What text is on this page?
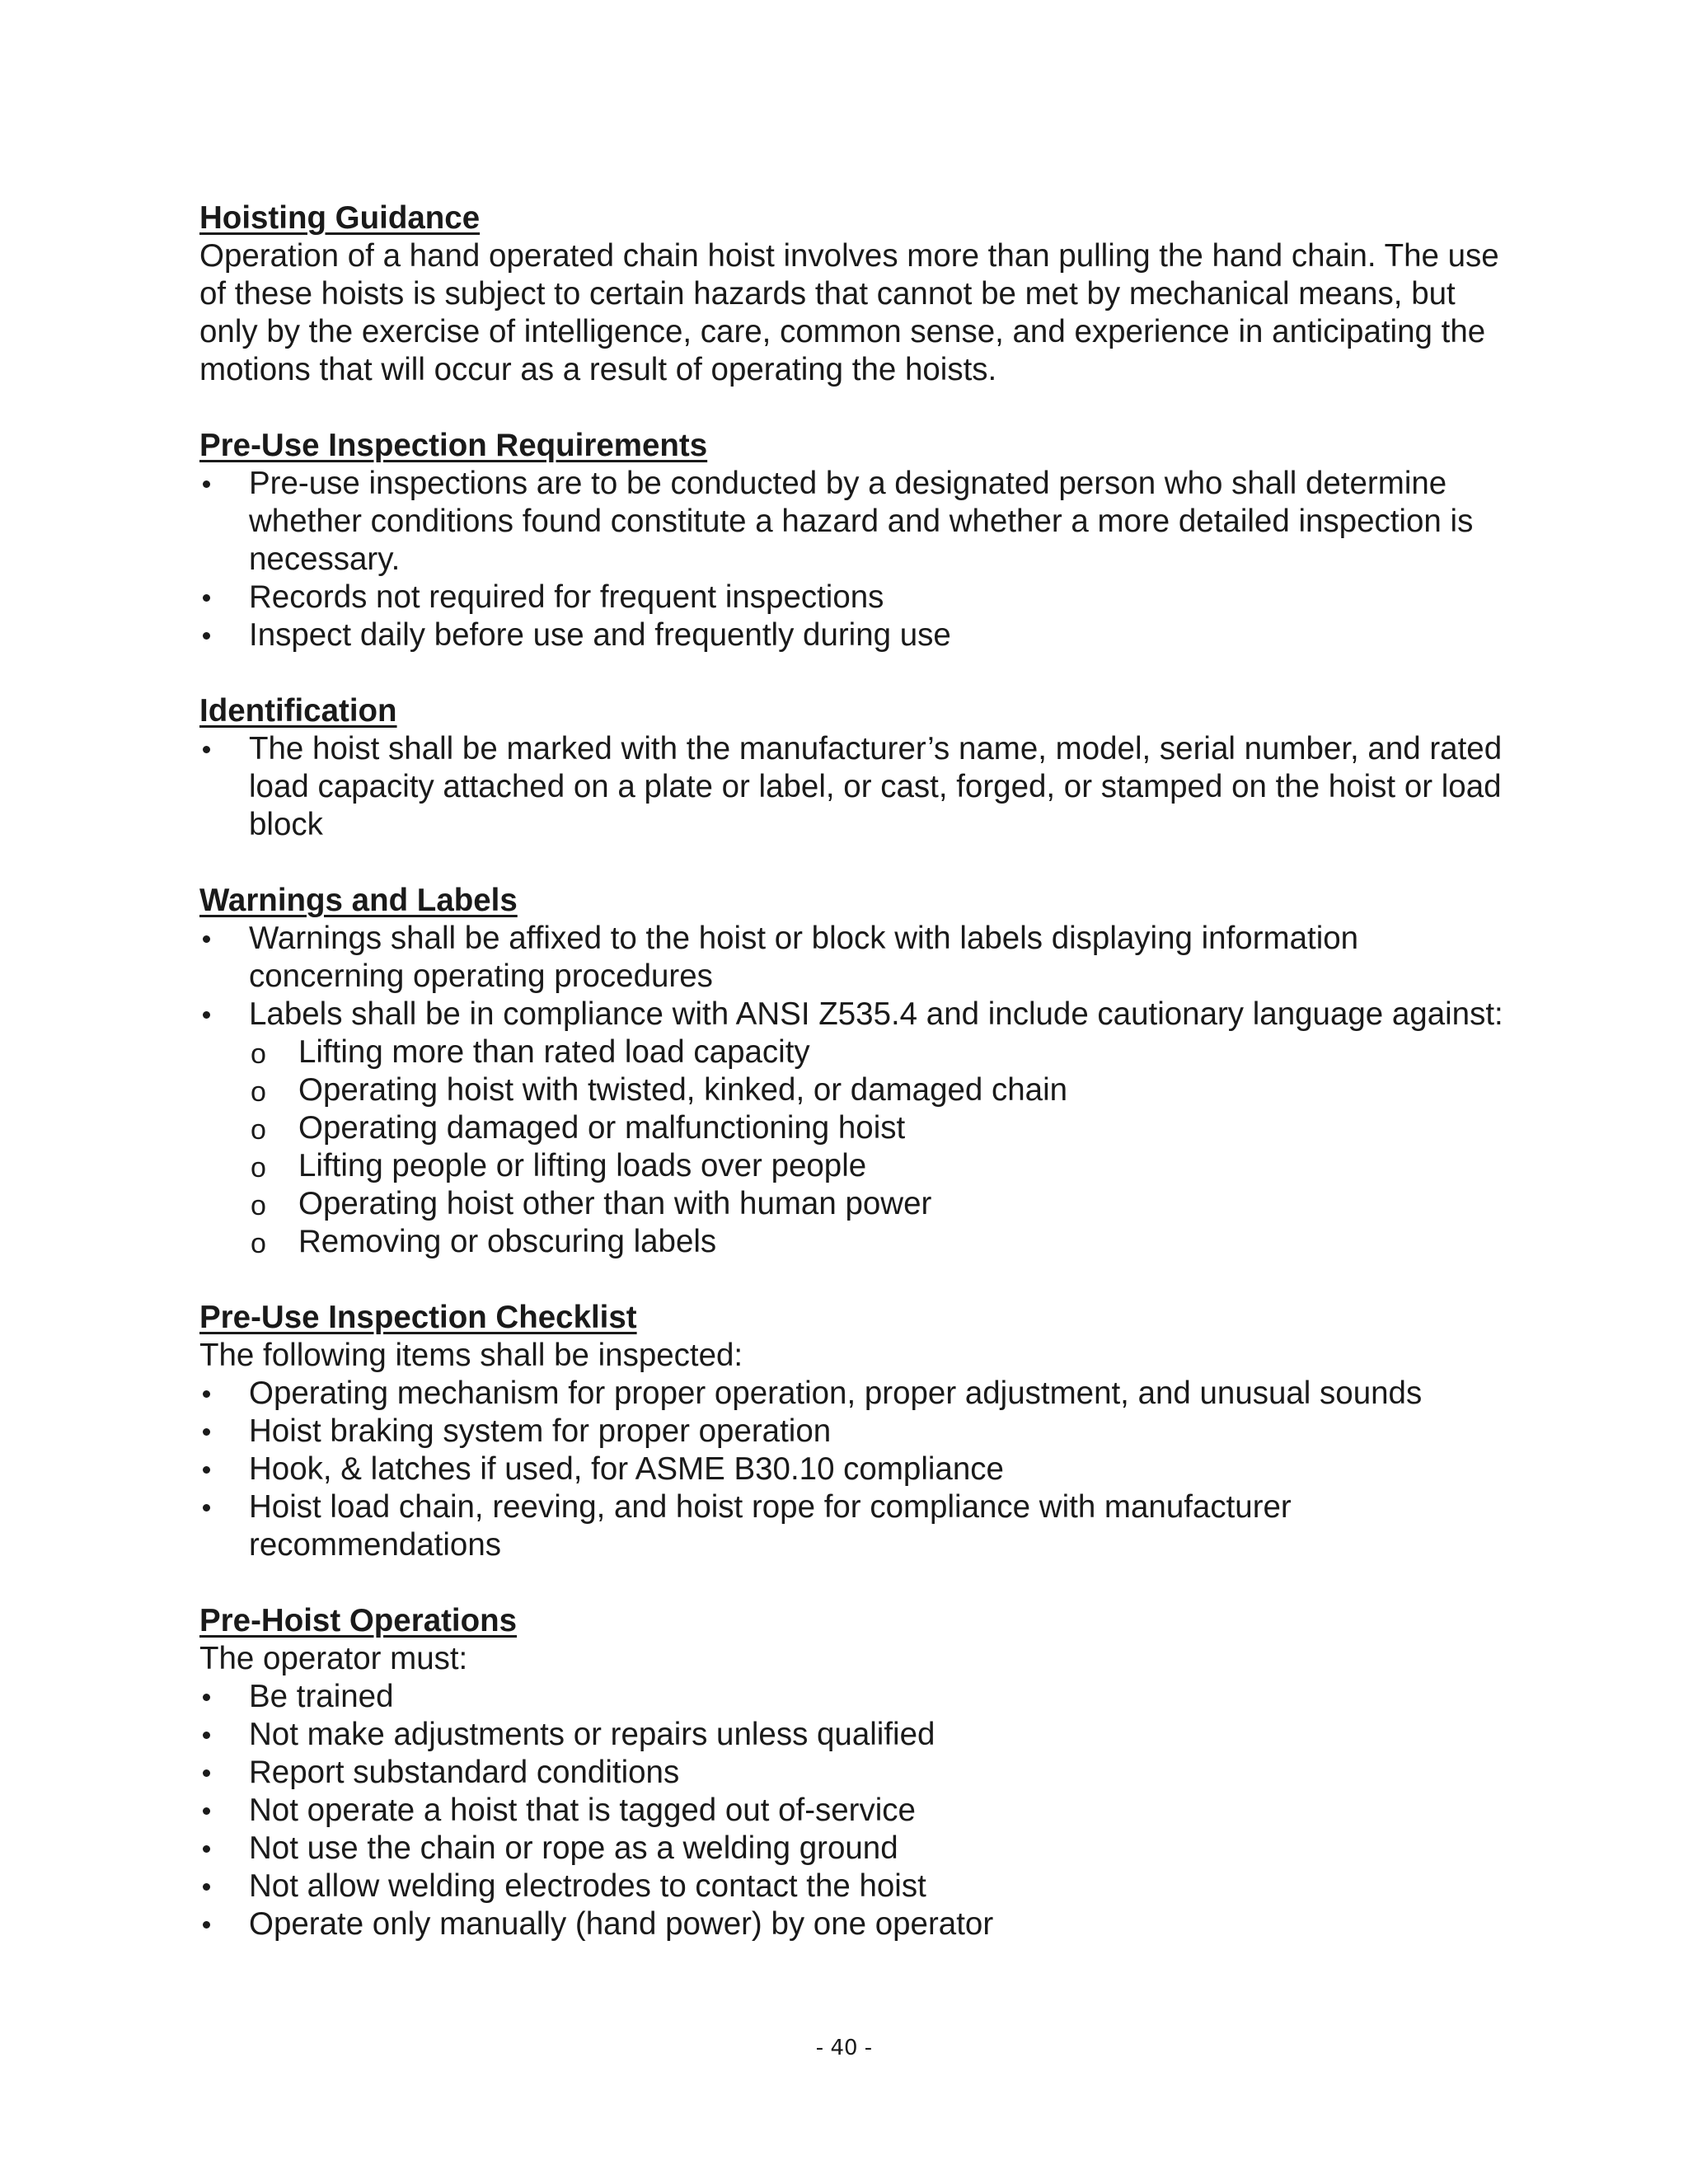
Hoisting Guidance

Operation of a hand operated chain hoist involves more than pulling the hand chain. The use of these hoists is subject to certain hazards that cannot be met by mechanical means, but only by the exercise of intelligence, care, common sense, and experience in anticipating the motions that will occur as a result of operating the hoists.

Pre-Use Inspection Requirements

Pre-use inspections are to be conducted by a designated person who shall determine whether conditions found constitute a hazard and whether a more detailed inspection is necessary.
Records not required for frequent inspections
Inspect daily before use and frequently during use

Identification

The hoist shall be marked with the manufacturer’s name, model, serial number, and rated load capacity attached on a plate or label, or cast, forged, or stamped on the hoist or load block

Warnings and Labels

Warnings shall be affixed to the hoist or block with labels displaying information concerning operating procedures
Labels shall be in compliance with ANSI Z535.4 and include cautionary language against:
o Lifting more than rated load capacity
o Operating hoist with twisted, kinked, or damaged chain
o Operating damaged or malfunctioning hoist
o Lifting people or lifting loads over people
o Operating hoist other than with human power
o Removing or obscuring labels

Pre-Use Inspection Checklist

The following items shall be inspected:

Operating mechanism for proper operation, proper adjustment, and unusual sounds
Hoist braking system for proper operation
Hook, & latches if used, for ASME B30.10 compliance
Hoist load chain, reeving, and hoist rope for compliance with manufacturer recommendations

Pre-Hoist Operations

The operator must:

Be trained
Not make adjustments or repairs unless qualified
Report substandard conditions
Not operate a hoist that is tagged out of-service
Not use the chain or rope as a welding ground
Not allow welding electrodes to contact the hoist
Operate only manually (hand power) by one operator
- 40 -
